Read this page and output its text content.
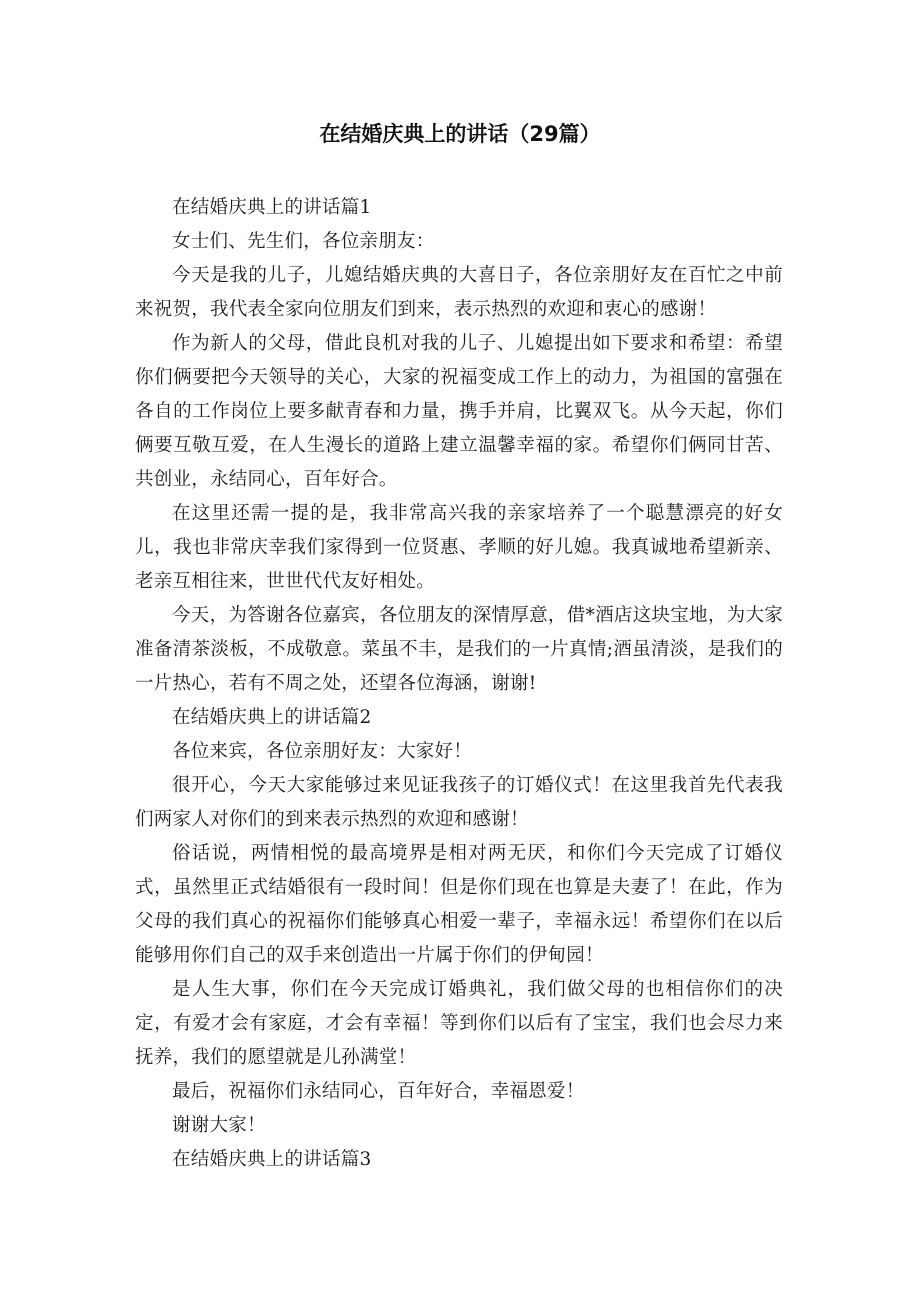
在结婚庆典上的讲话（29篇）

在结婚庆典上的讲话篇1

女士们、先生们，各位亲朋友：

今天是我的儿子，儿媳结婚庆典的大喜日子，各位亲朋好友在百忙之中前来祝贺，我代表全家向位朋友们到来，表示热烈的欢迎和衷心的感谢！

作为新人的父母，借此良机对我的儿子、儿媳提出如下要求和希望：希望你们俩要把今天领导的关心，大家的祝福变成工作上的动力，为祖国的富强在各自的工作岗位上要多献青春和力量，携手并肩，比翼双飞。从今天起，你们俩要互敬互爱，在人生漫长的道路上建立温馨幸福的家。希望你们俩同甘苦、共创业，永结同心，百年好合。

在这里还需一提的是，我非常高兴我的亲家培养了一个聪慧漂亮的好女儿，我也非常庆幸我们家得到一位贤惠、孝顺的好儿媳。我真诚地希望新亲、老亲互相往来，世世代代友好相处。

今天，为答谢各位嘉宾，各位朋友的深情厚意，借*酒店这块宝地，为大家准备清茶淡板，不成敬意。菜虽不丰，是我们的一片真情;酒虽清淡，是我们的一片热心，若有不周之处，还望各位海涵，谢谢!

在结婚庆典上的讲话篇2

各位来宾，各位亲朋好友：大家好！

很开心，今天大家能够过来见证我孩子的订婚仪式！在这里我首先代表我们两家人对你们的到来表示热烈的欢迎和感谢！

俗话说，两情相悦的最高境界是相对两无厌，和你们今天完成了订婚仪式，虽然里正式结婚很有一段时间！但是你们现在也算是夫妻了！在此，作为父母的我们真心的祝福你们能够真心相爱一辈子，幸福永远！希望你们在以后能够用你们自己的双手来创造出一片属于你们的伊甸园！

是人生大事，你们在今天完成订婚典礼，我们做父母的也相信你们的决定，有爱才会有家庭，才会有幸福！等到你们以后有了宝宝，我们也会尽力来抚养，我们的愿望就是儿孙满堂！

最后，祝福你们永结同心，百年好合，幸福恩爱！

谢谢大家！

在结婚庆典上的讲话篇3
